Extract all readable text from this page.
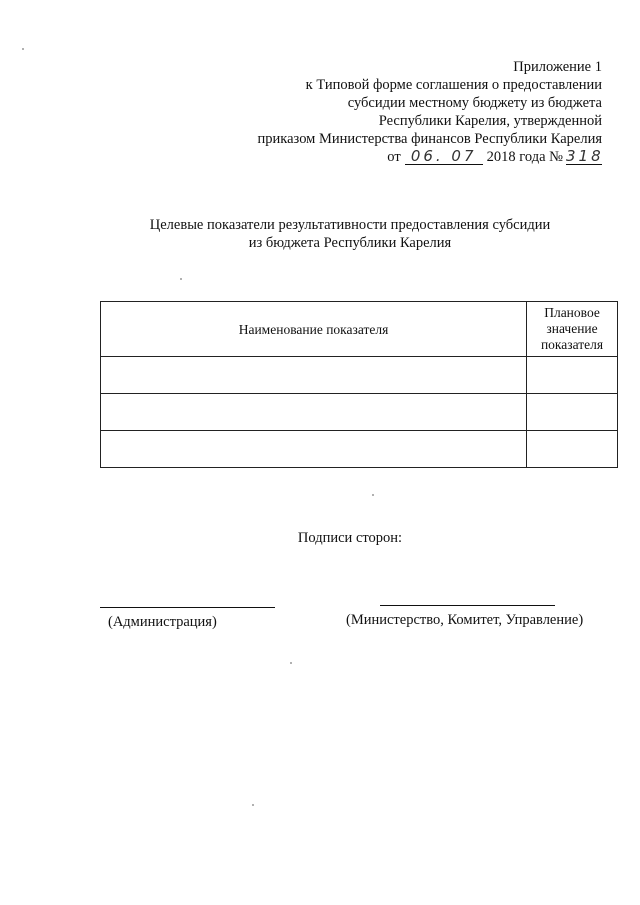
Приложение 1
к Типовой форме соглашения о предоставлении
субсидии местному бюджету из бюджета
Республики Карелия, утвержденной
приказом Министерства финансов Республики Карелия
от 06. 07 2018 года № 318
Целевые показатели результативности предоставления субсидии
из бюджета Республики Карелия
Наименование показателя	Плановое
значение
показателя

Подписи сторон:
(Администрация)	(Министерство, Комитет, Управление)
